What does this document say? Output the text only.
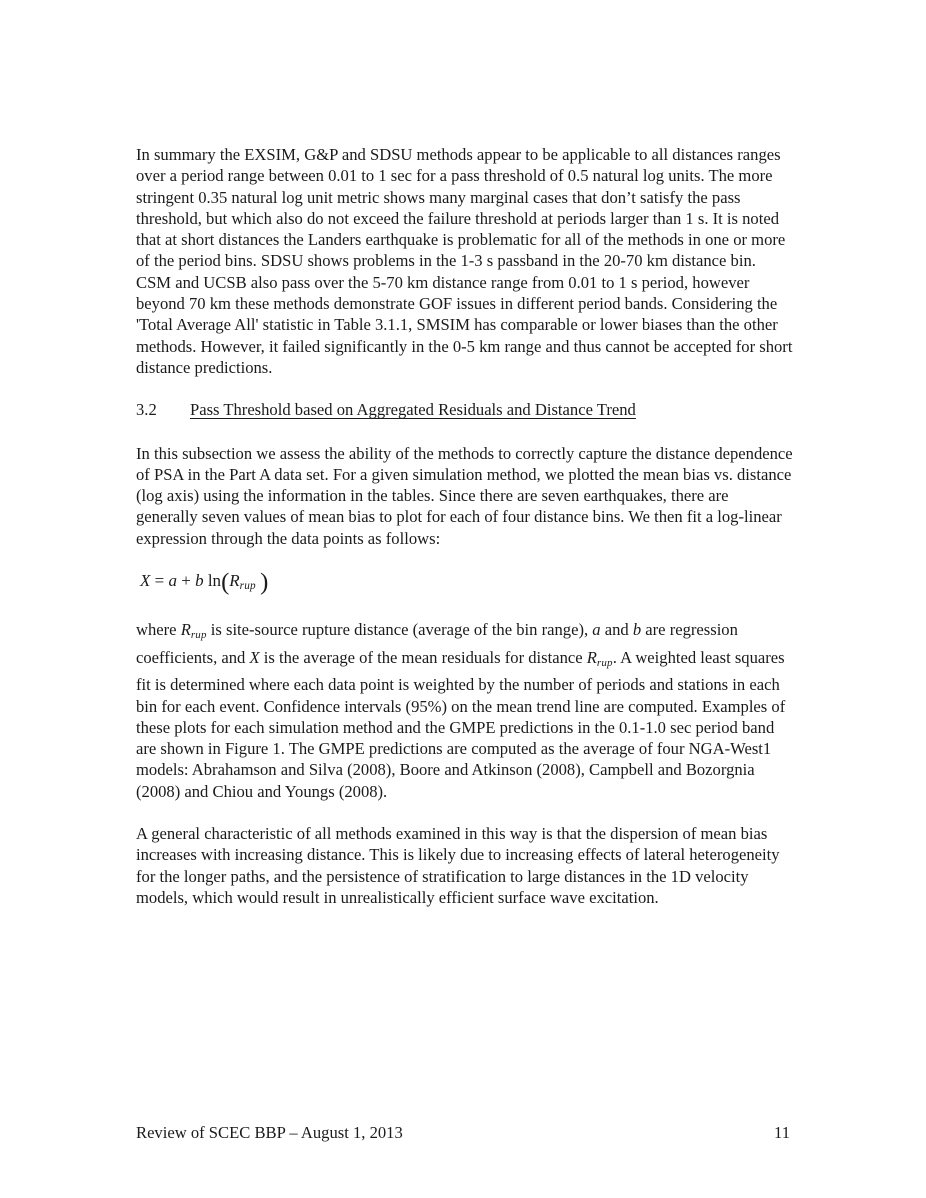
In summary the EXSIM, G&P and SDSU methods appear to be applicable to all distances ranges over a period range between 0.01 to 1 sec for a pass threshold of 0.5 natural log units. The more stringent 0.35 natural log unit metric shows many marginal cases that don’t satisfy the pass threshold, but which also do not exceed the failure threshold at periods larger than 1 s. It is noted that at short distances the Landers earthquake is problematic for all of the methods in one or more of the period bins. SDSU shows problems in the 1-3 s passband in the 20-70 km distance bin. CSM and UCSB also pass over the 5-70 km distance range from 0.01 to 1 s period, however beyond 70 km these methods demonstrate GOF issues in different period bands. Considering the 'Total Average All' statistic in Table 3.1.1, SMSIM has comparable or lower biases than the other methods. However, it failed significantly in the 0-5 km range and thus cannot be accepted for short distance predictions.

3.2	Pass Threshold based on Aggregated Residuals and Distance Trend

In this subsection we assess the ability of the methods to correctly capture the distance dependence of PSA in the Part A data set. For a given simulation method, we plotted the mean bias vs. distance (log axis) using the information in the tables. Since there are seven earthquakes, there are generally seven values of mean bias to plot for each of four distance bins. We then fit a log-linear expression through the data points as follows:

X = a + b ln(Rrup )

where Rrup is site-source rupture distance (average of the bin range), a and b are regression coefficients, and X is the average of the mean residuals for distance Rrup. A weighted least squares fit is determined where each data point is weighted by the number of periods and stations in each bin for each event. Confidence intervals (95%) on the mean trend line are computed. Examples of these plots for each simulation method and the GMPE predictions in the 0.1-1.0 sec period band are shown in Figure 1. The GMPE predictions are computed as the average of four NGA-West1 models: Abrahamson and Silva (2008), Boore and Atkinson (2008), Campbell and Bozorgnia (2008) and Chiou and Youngs (2008).

A general characteristic of all methods examined in this way is that the dispersion of mean bias increases with increasing distance. This is likely due to increasing effects of lateral heterogeneity for the longer paths, and the persistence of stratification to large distances in the 1D velocity models, which would result in unrealistically efficient surface wave excitation.

Review of SCEC BBP – August 1, 2013	11
